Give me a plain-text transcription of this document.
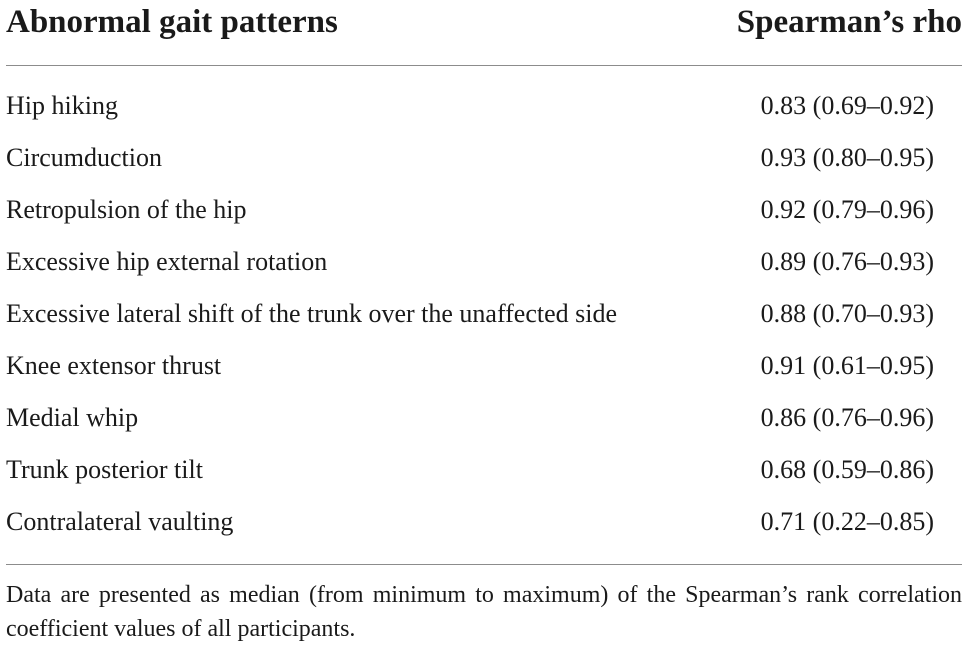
Abnormal gait patterns	Spearman’s rho
Hip hiking	0.83 (0.69–0.92)
Circumduction	0.93 (0.80–0.95)
Retropulsion of the hip	0.92 (0.79–0.96)
Excessive hip external rotation	0.89 (0.76–0.93)
Excessive lateral shift of the trunk over the unaffected side	0.88 (0.70–0.93)
Knee extensor thrust	0.91 (0.61–0.95)
Medial whip	0.86 (0.76–0.96)
Trunk posterior tilt	0.68 (0.59–0.86)
Contralateral vaulting	0.71 (0.22–0.85)
Data are presented as median (from minimum to maximum) of the Spearman’s rank correlation coefficient values of all participants.
